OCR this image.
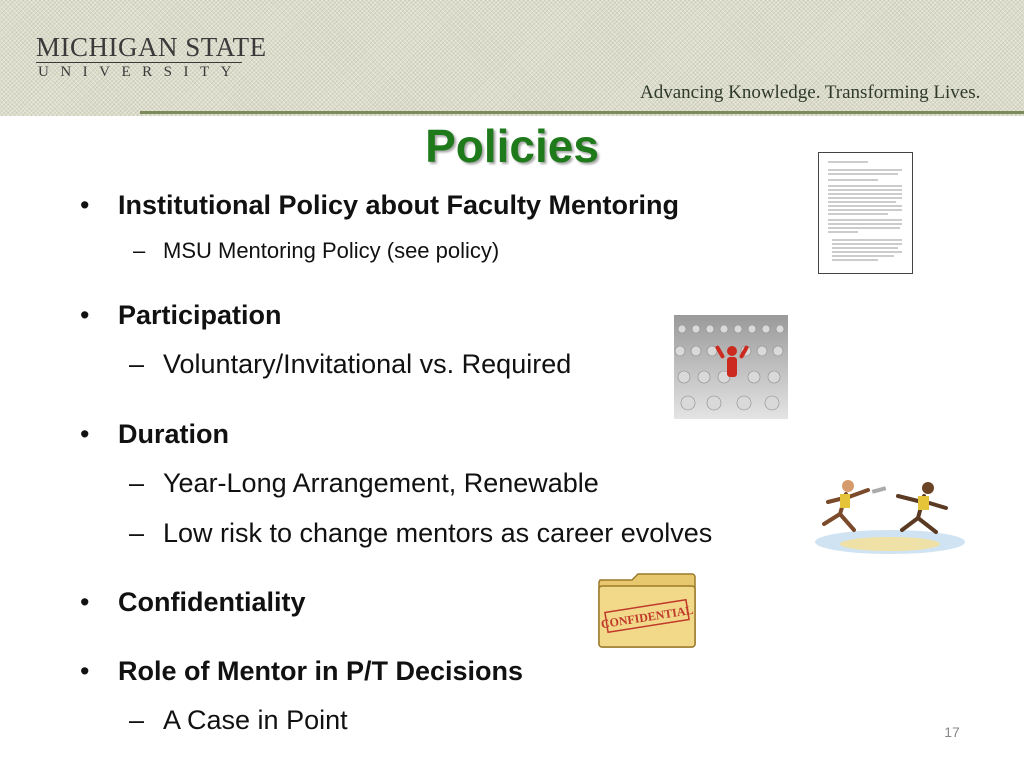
MICHIGAN STATE
UNIVERSITY
Advancing Knowledge. Transforming Lives.
Policies
• Institutional Policy about Faculty Mentoring
– MSU Mentoring Policy (see policy)
• Participation
– Voluntary/Invitational vs. Required
• Duration
– Year-Long Arrangement, Renewable
– Low risk to change mentors as career evolves
• Confidentiality
• Role of Mentor in P/T Decisions
– A Case in Point
CONFIDENTIAL
17
